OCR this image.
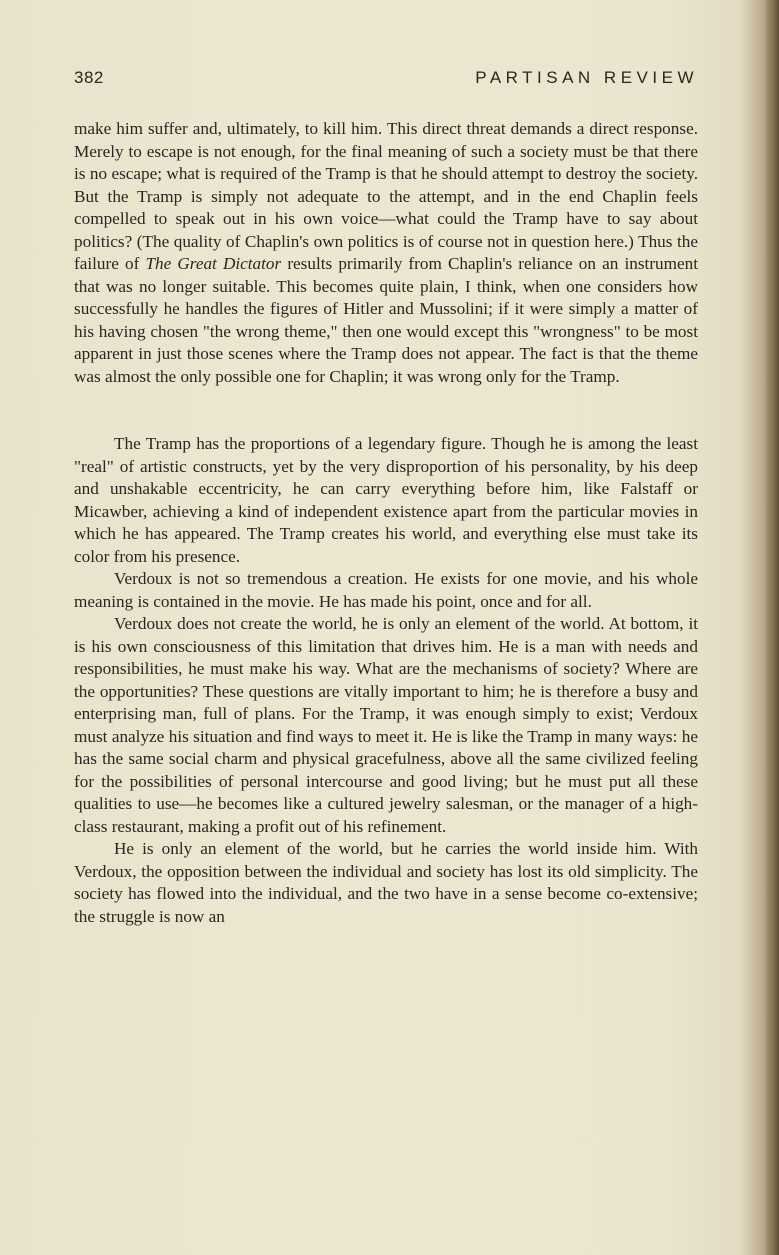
382	PARTISAN REVIEW

make him suffer and, ultimately, to kill him. This direct threat demands a direct response. Merely to escape is not enough, for the final meaning of such a society must be that there is no escape; what is required of the Tramp is that he should attempt to destroy the society. But the Tramp is simply not adequate to the attempt, and in the end Chaplin feels compelled to speak out in his own voice—what could the Tramp have to say about politics? (The quality of Chaplin's own politics is of course not in question here.) Thus the failure of The Great Dictator results primarily from Chaplin's reliance on an instrument that was no longer suitable. This becomes quite plain, I think, when one considers how successfully he handles the figures of Hitler and Mussolini; if it were simply a matter of his having chosen "the wrong theme," then one would except this "wrongness" to be most apparent in just those scenes where the Tramp does not appear. The fact is that the theme was almost the only possible one for Chaplin; it was wrong only for the Tramp.

The Tramp has the proportions of a legendary figure. Though he is among the least "real" of artistic constructs, yet by the very disproportion of his personality, by his deep and unshakable eccentricity, he can carry everything before him, like Falstaff or Micawber, achieving a kind of independent existence apart from the particular movies in which he has appeared. The Tramp creates his world, and everything else must take its color from his presence.

Verdoux is not so tremendous a creation. He exists for one movie, and his whole meaning is contained in the movie. He has made his point, once and for all.

Verdoux does not create the world, he is only an element of the world. At bottom, it is his own consciousness of this limitation that drives him. He is a man with needs and responsibilities, he must make his way. What are the mechanisms of society? Where are the opportunities? These questions are vitally important to him; he is therefore a busy and enterprising man, full of plans. For the Tramp, it was enough simply to exist; Verdoux must analyze his situation and find ways to meet it. He is like the Tramp in many ways: he has the same social charm and physical gracefulness, above all the same civilized feeling for the possibilities of personal intercourse and good living; but he must put all these qualities to use—he becomes like a cultured jewelry salesman, or the manager of a high-class restaurant, making a profit out of his refinement.

He is only an element of the world, but he carries the world inside him. With Verdoux, the opposition between the individual and society has lost its old simplicity. The society has flowed into the individual, and the two have in a sense become co-extensive; the struggle is now an
